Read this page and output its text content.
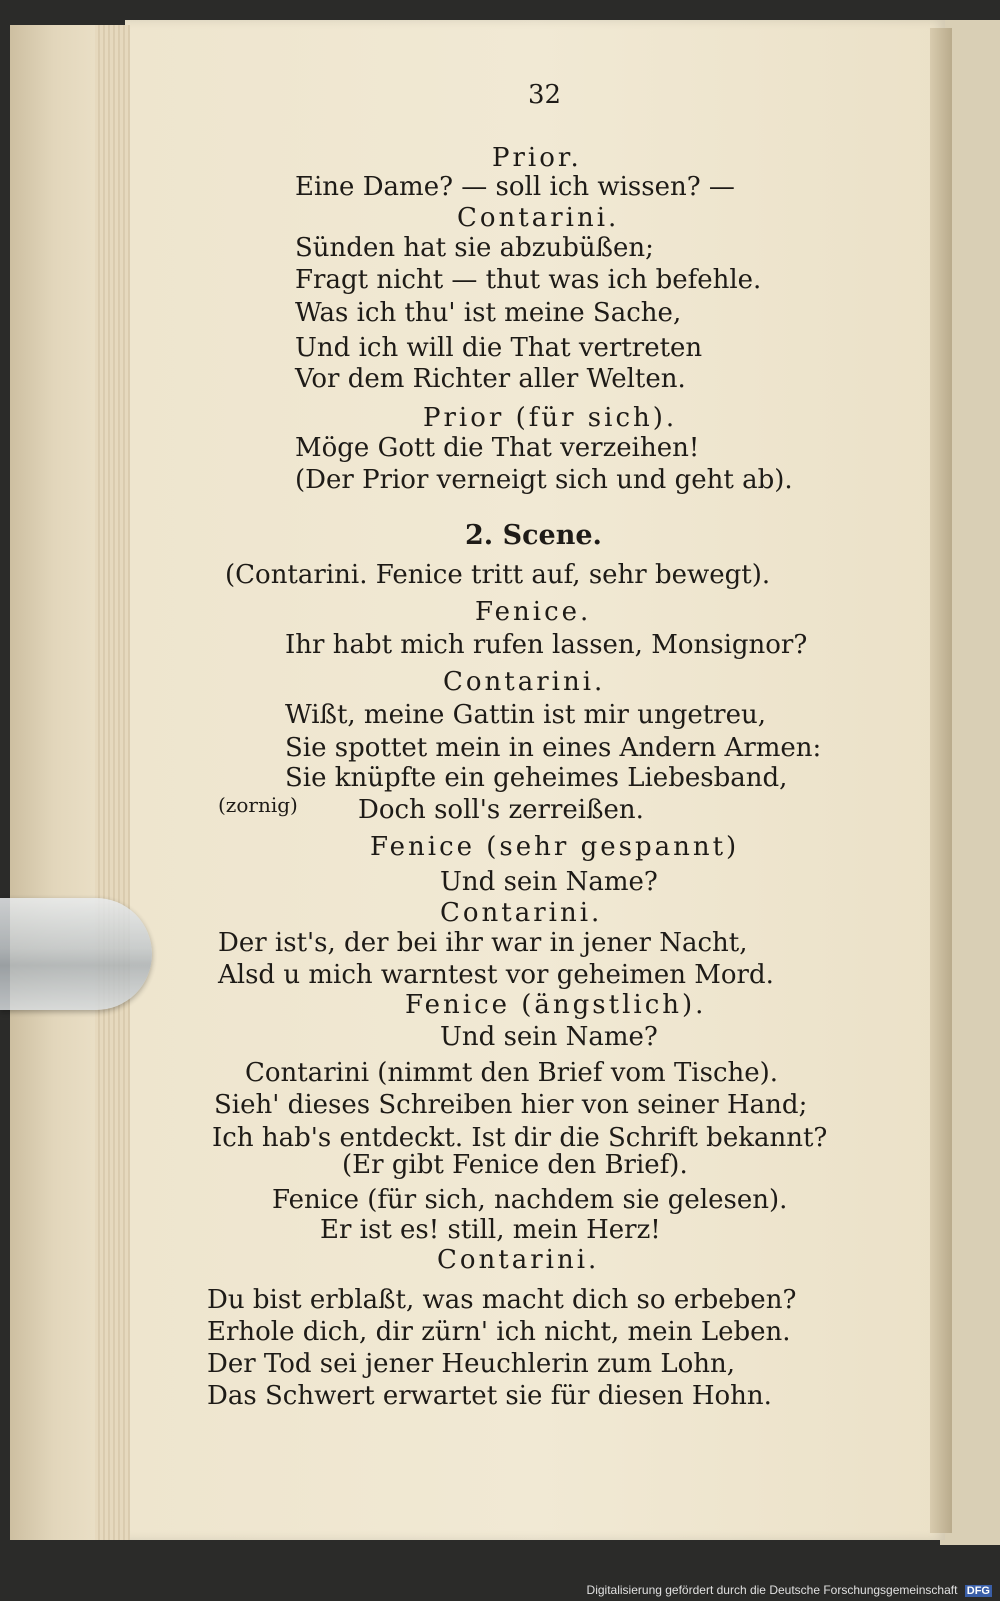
32
Prior.
Eine Dame? — soll ich wissen? —
Contarini.
Sünden hat sie abzubüßen;
Fragt nicht — thut was ich befehle.
Was ich thu' ist meine Sache,
Und ich will die That vertreten
Vor dem Richter aller Welten.
Prior (für sich).
Möge Gott die That verzeihen!
(Der Prior verneigt sich und geht ab).
2. Scene.
(Contarini. Fenice tritt auf, sehr bewegt).
Fenice.
Ihr habt mich rufen lassen, Monsignor?
Contarini.
Wißt, meine Gattin ist mir ungetreu,
Sie spottet mein in eines Andern Armen:
Sie knüpfte ein geheimes Liebesband,
(zornig) Doch soll's zerreißen.
Fenice (sehr gespannt)
Und sein Name?
Contarini.
Der ist's, der bei ihr war in jener Nacht,
Alsd u mich warntest vor geheimen Mord.
Fenice (ängstlich).
Und sein Name?
Contarini (nimmt den Brief vom Tische).
Sieh' dieses Schreiben hier von seiner Hand;
Ich hab's entdeckt. Ist dir die Schrift bekannt?
(Er gibt Fenice den Brief).
Fenice (für sich, nachdem sie gelesen).
Er ist es! still, mein Herz!
Contarini.
Du bist erblaßt, was macht dich so erbeben?
Erhole dich, dir zürn' ich nicht, mein Leben.
Der Tod sei jener Heuchlerin zum Lohn,
Das Schwert erwartet sie für diesen Hohn.
Digitalisierung gefördert durch die Deutsche Forschungsgemeinschaft DFG
